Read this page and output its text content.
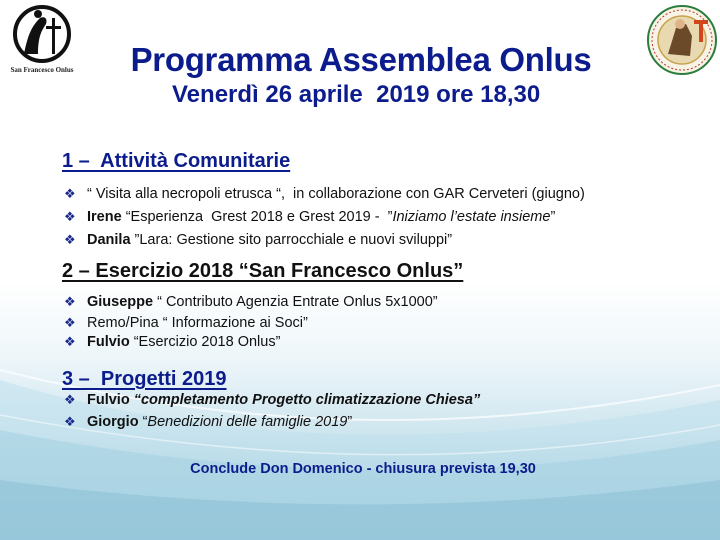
San Francesco Onlus	Programma Assemblea Onlus
Venerdì 26 aprile  2019 ore 18,30
1 –  Attività Comunitarie
❖ “ Visita alla necropoli etrusca “,  in collaborazione con GAR Cerveteri (giugno)
❖ Irene “Esperienza  Grest 2018 e Grest 2019 -  ” Iniziamo l’estate insieme ”
❖ Danila ”Lara: Gestione sito parrocchiale e nuovi sviluppi”
2 – Esercizio 2018 “San Francesco Onlus”
❖ Giuseppe “ Contributo Agenzia Entrate Onlus 5x1000”
❖ Remo/Pina “ Informazione ai Soci”
❖ Fulvio “Esercizio 2018 Onlus”
3 –  Progetti 2019
❖ Fulvio “completamento Progetto climatizzazione Chiesa”
❖ Giorgio “ Benedizioni delle famiglie 2019 ”
Conclude Don Domenico - chiusura prevista 19,30
